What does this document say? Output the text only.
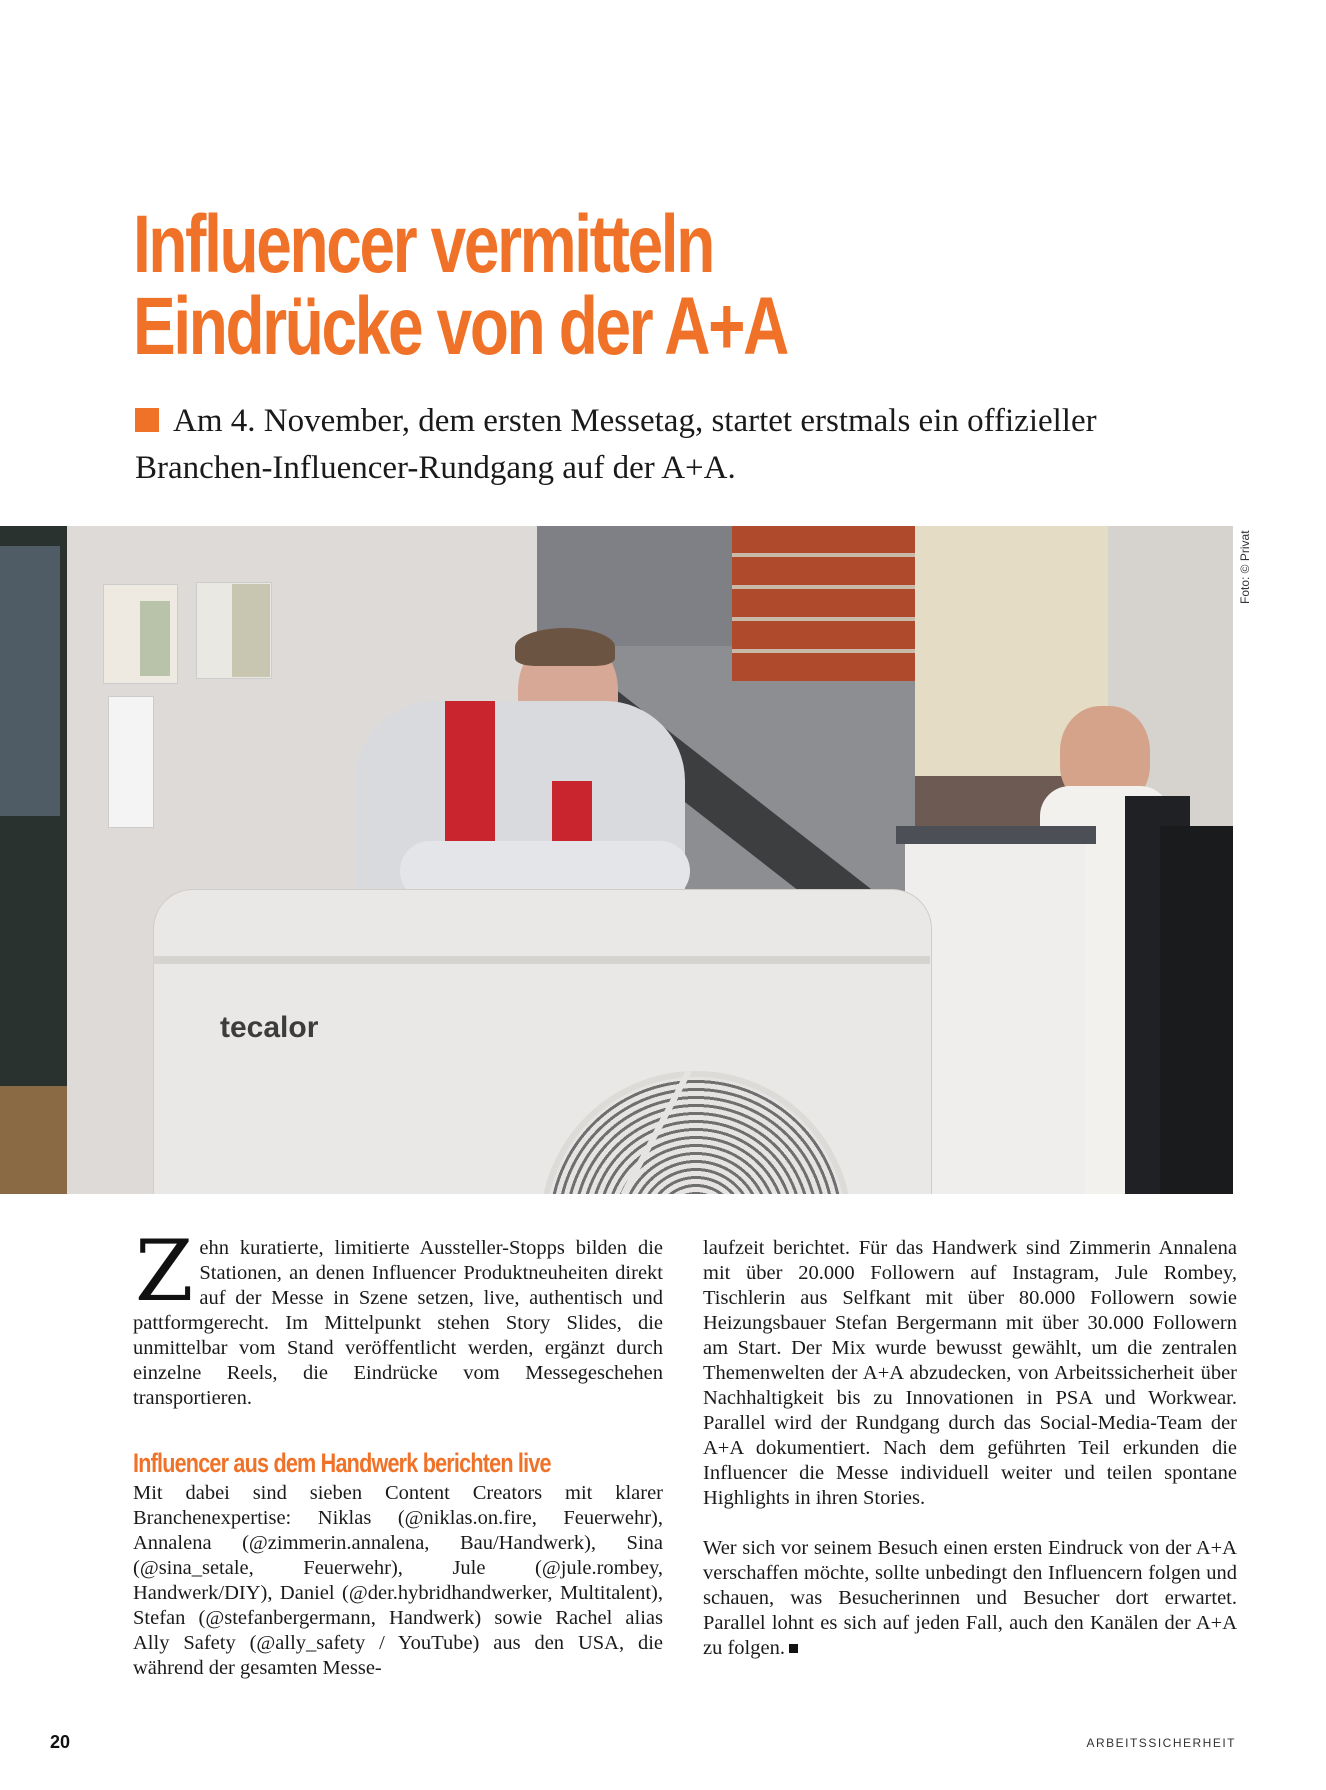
Influencer vermitteln
Eindrücke von der A+A

Am 4. November, dem ersten Messetag, startet erstmals ein offizieller Branchen-Influencer-Rundgang auf der A+A.

tecalor
Foto: © Privat

Zehn kuratierte, limitierte Aussteller-Stopps bilden die Stationen, an denen Influencer Produktneuheiten direkt auf der Messe in Szene setzen, live, authentisch und pattformgerecht. Im Mittelpunkt stehen Story Slides, die unmittelbar vom Stand veröffentlicht werden, ergänzt durch einzelne Reels, die Eindrücke vom Messegeschehen transportieren.

Influencer aus dem Handwerk berichten live

Mit dabei sind sieben Content Creators mit klarer Branchenexpertise: Niklas (@niklas.on.fire, Feuerwehr), Annalena (@zimmerin.annalena, Bau/Handwerk), Sina (@sina_setale, Feuerwehr), Jule (@jule.rombey, Handwerk/DIY), Daniel (@der.hybridhandwerker, Multitalent), Stefan (@stefanbergermann, Handwerk) sowie Rachel alias Ally Safety (@ally_safety / YouTube) aus den USA, die während der gesamten Messe-

laufzeit berichtet. Für das Handwerk sind Zimmerin Annalena mit über 20.000 Followern auf Instagram, Jule Rombey, Tischlerin aus Selfkant mit über 80.000 Followern sowie Heizungsbauer Stefan Bergermann mit über 30.000 Followern am Start. Der Mix wurde bewusst gewählt, um die zentralen Themenwelten der A+A abzudecken, von Arbeitssicherheit über Nachhaltigkeit bis zu Innovationen in PSA und Workwear. Parallel wird der Rundgang durch das Social-Media-Team der A+A dokumentiert. Nach dem geführten Teil erkunden die Influencer die Messe individuell weiter und teilen spontane Highlights in ihren Stories.

Wer sich vor seinem Besuch einen ersten Eindruck von der A+A verschaffen möchte, sollte unbedingt den Influencern folgen und schauen, was Besucherinnen und Besucher dort erwartet. Parallel lohnt es sich auf jeden Fall, auch den Kanälen der A+A zu folgen.

20	ARBEITSSICHERHEIT
